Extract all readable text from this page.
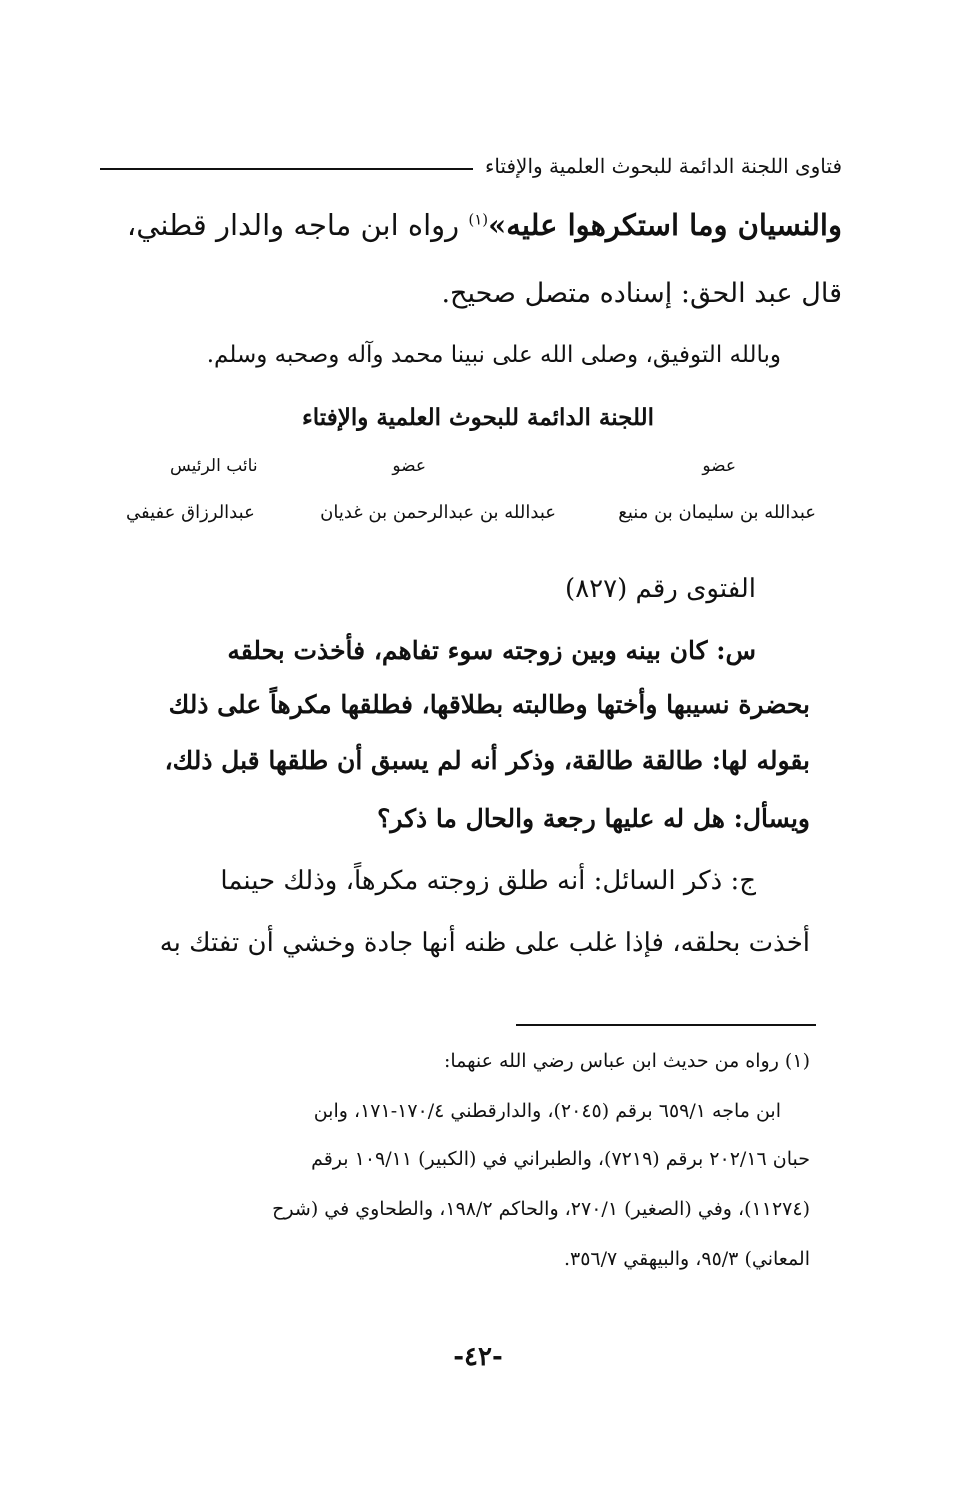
فتاوى اللجنة الدائمة للبحوث العلمية والإفتاء
والنسيان وما استكرهوا عليه»$^{(١)}$ رواه ابن ماجه والدار قطني،
قال عبد الحق: إسناده متصل صحيح.
وبالله التوفيق، وصلى الله على نبينا محمد وآله وصحبه وسلم.
اللجنة الدائمة للبحوث العلمية والإفتاء
عضو
عضو
نائب الرئيس
عبدالله بن سليمان بن منيع
عبدالله بن عبدالرحمن بن غديان
عبدالرزاق عفيفي
الفتوى رقم (٨٢٧)
س: كان بينه وبين زوجته سوء تفاهم، فأخذت بحلقه
بحضرة نسيبها وأختها وطالبته بطلاقها، فطلقها مكرهاً على ذلك
بقوله لها: طالقة طالقة، وذكر أنه لم يسبق أن طلقها قبل ذلك،
ويسأل: هل له عليها رجعة والحال ما ذكر؟
ج: ذكر السائل: أنه طلق زوجته مكرهاً، وذلك حينما
أخذت بحلقه، فإذا غلب على ظنه أنها جادة وخشي أن تفتك به
(١) رواه من حديث ابن عباس رضي الله عنهما:
ابن ماجه ٦٥٩/١ برقم (٢٠٤٥)، والدارقطني ١٧٠/٤-١٧١، وابن
حبان ٢٠٢/١٦ برقم (٧٢١٩)، والطبراني في (الكبير) ١٠٩/١١ برقم
(١١٢٧٤)، وفي (الصغير) ٢٧٠/١، والحاكم ١٩٨/٢، والطحاوي في (شرح
المعاني) ٩٥/٣، والبيهقي ٣٥٦/٧.
-٤٢-
